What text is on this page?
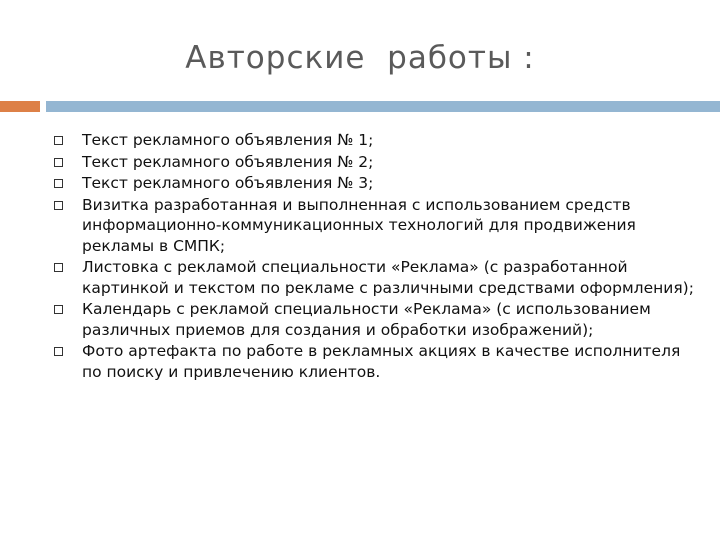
Авторские  работы :
Текст рекламного объявления № 1;
Текст рекламного объявления № 2;
Текст рекламного объявления № 3;
Визитка разработанная и выполненная с использованием средств информационно-коммуникационных технологий для продвижения рекламы в СМПК;
Листовка с рекламой специальности «Реклама» (с разработанной картинкой и текстом по рекламе с различными средствами оформления);
Календарь с рекламой специальности «Реклама» (с использованием различных приемов для создания и обработки изображений);
Фото артефакта по работе в рекламных акциях в качестве исполнителя по поиску и привлечению клиентов.
